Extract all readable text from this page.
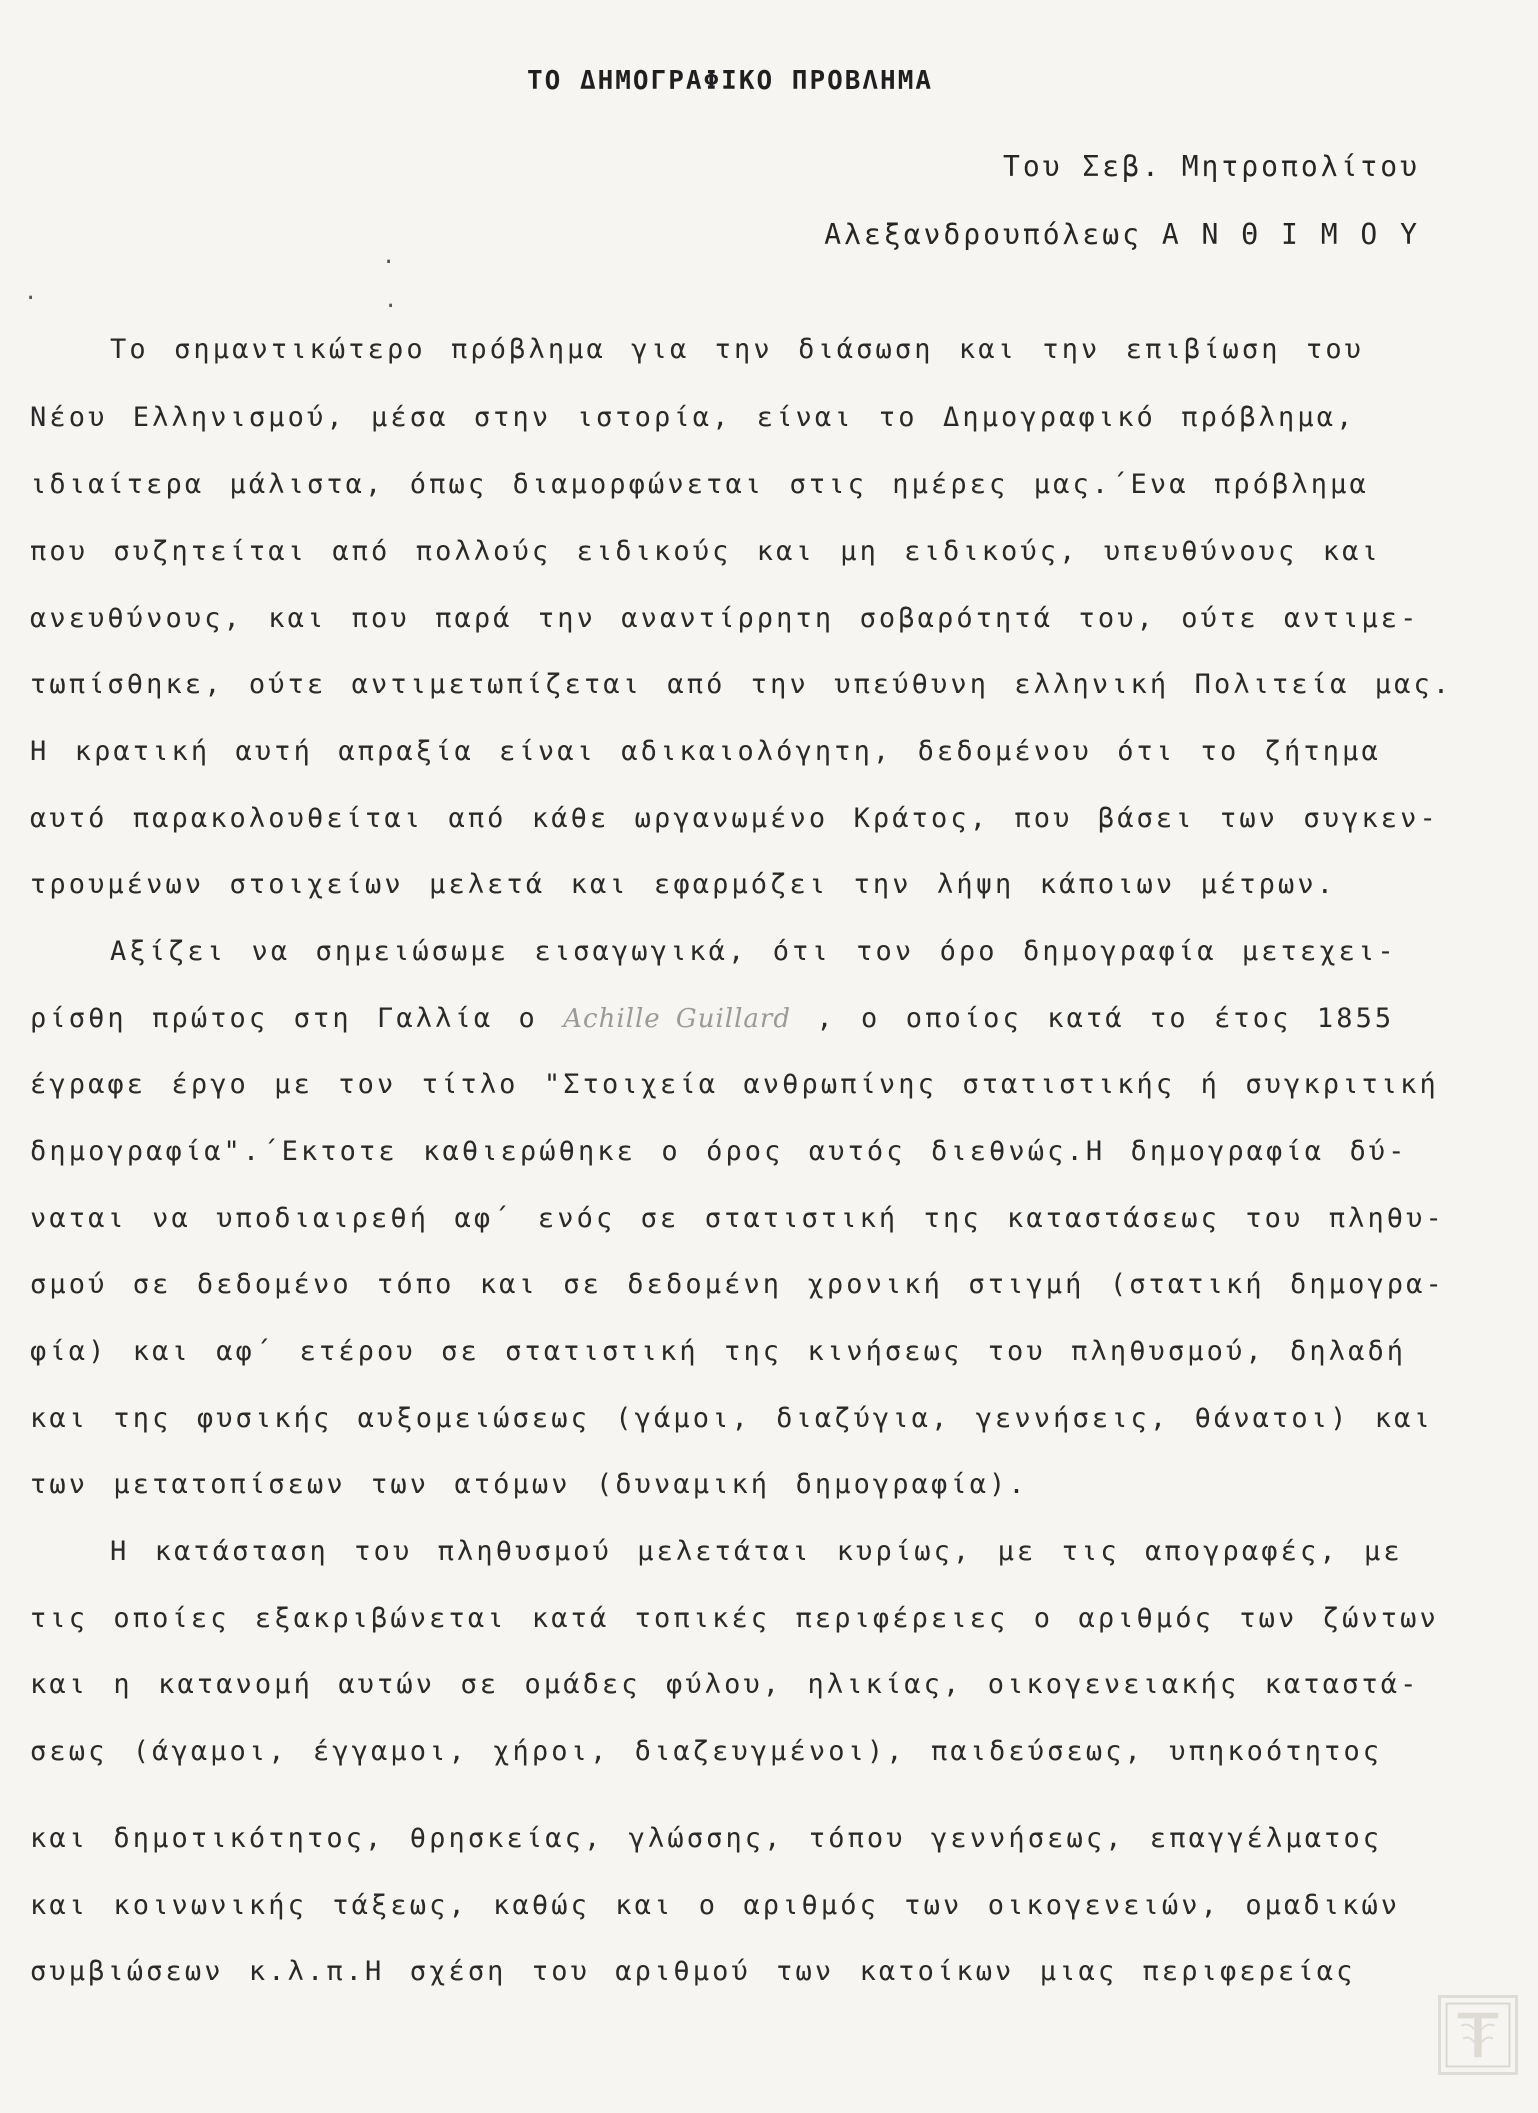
ΤΟ ΔΗΜΟΓΡΑΦΙΚΟ ΠΡΟΒΛΗΜΑ
Του Σεβ. Μητροπολίτου
Αλεξανδρουπόλεως Α Ν Θ Ι Μ Ο Υ
·
·	·
Το σημαντικώτερο πρόβλημα για την διάσωση και την επιβίωση του
Νέου Ελληνισμού, μέσα στην ιστορία, είναι το Δημογραφικό πρόβλημα,
ιδιαίτερα μάλιστα, όπως διαμορφώνεται στις ημέρες μας.΄Ενα πρόβλημα
που συζητείται από πολλούς ειδικούς και μη ειδικούς, υπευθύνους και
ανευθύνους, και που παρά την αναντίρρητη σοβαρότητά του, ούτε αντιμε-
τωπίσθηκε, ούτε αντιμετωπίζεται από την υπεύθυνη ελληνική Πολιτεία μας.
Η κρατική αυτή απραξία είναι αδικαιολόγητη, δεδομένου ότι το ζήτημα
αυτό παρακολουθείται από κάθε ωργανωμένο Κράτος, που βάσει των συγκεν-
τρουμένων στοιχείων μελετά και εφαρμόζει την λήψη κάποιων μέτρων.
Αξίζει να σημειώσωμε εισαγωγικά, ότι τον όρο δημογραφία μετεχει-
ρίσθη πρώτος στη Γαλλία ο Achille Guillard , ο οποίος κατά το έτος 1855
έγραφε έργο με τον τίτλο "Στοιχεία ανθρωπίνης στατιστικής ή συγκριτική
δημογραφία".΄Εκτοτε καθιερώθηκε ο όρος αυτός διεθνώς.Η δημογραφία δύ-
ναται να υποδιαιρεθή αφ΄ ενός σε στατιστική της καταστάσεως του πληθυ-
σμού σε δεδομένο τόπο και σε δεδομένη χρονική στιγμή (στατική δημογρα-
φία) και αφ΄ ετέρου σε στατιστική της κινήσεως του πληθυσμού, δηλαδή
και της φυσικής αυξομειώσεως (γάμοι, διαζύγια, γεννήσεις, θάνατοι) και
των μετατοπίσεων των ατόμων (δυναμική δημογραφία).
Η κατάσταση του πληθυσμού μελετάται κυρίως, με τις απογραφές, με
τις οποίες εξακριβώνεται κατά τοπικές περιφέρειες ο αριθμός των ζώντων
και η κατανομή αυτών σε ομάδες φύλου, ηλικίας, οικογενειακής καταστά-
σεως (άγαμοι, έγγαμοι, χήροι, διαζευγμένοι), παιδεύσεως, υπηκοότητος
και δημοτικότητος, θρησκείας, γλώσσης, τόπου γεννήσεως, επαγγέλματος
και κοινωνικής τάξεως, καθώς και ο αριθμός των οικογενειών, ομαδικών
συμβιώσεων κ.λ.π.Η σχέση του αριθμού των κατοίκων μιας περιφερείας
